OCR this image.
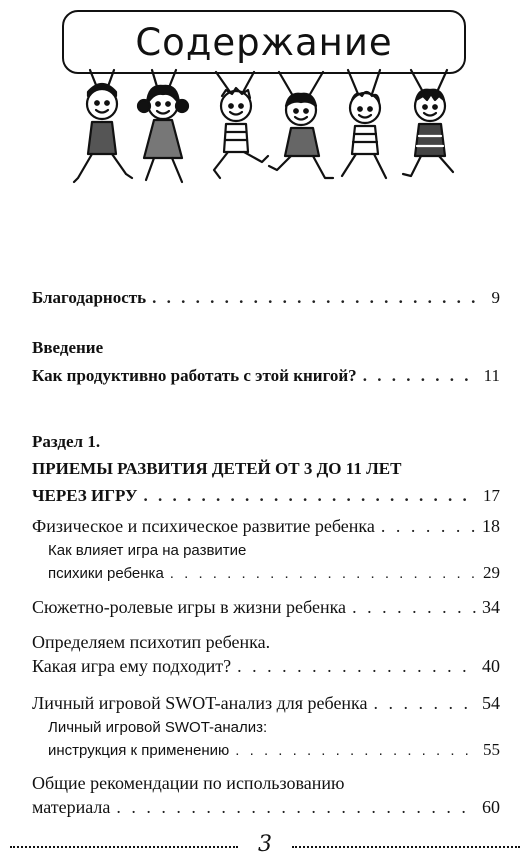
Содержание
Благодарность . . .	9
Введение
Как продуктивно работать с этой книгой? . . .	11
Раздел 1.
ПРИЕМЫ РАЗВИТИЯ ДЕТЕЙ ОТ 3 ДО 11 ЛЕТ
ЧЕРЕЗ ИГРУ . . .	17
Физическое и психическое развитие ребенка . . .	18
Как влияет игра на развитие
психики ребенка . . .	29
Сюжетно-ролевые игры в жизни ребенка . . .	34
Определяем психотип ребенка.
Какая игра ему подходит? . . .	40
Личный игровой SWOT-анализ для ребенка . . .	54
Личный игровой SWOT-анализ:
инструкция к применению . . .	55
Общие рекомендации по использованию
материала . . .	60
3
